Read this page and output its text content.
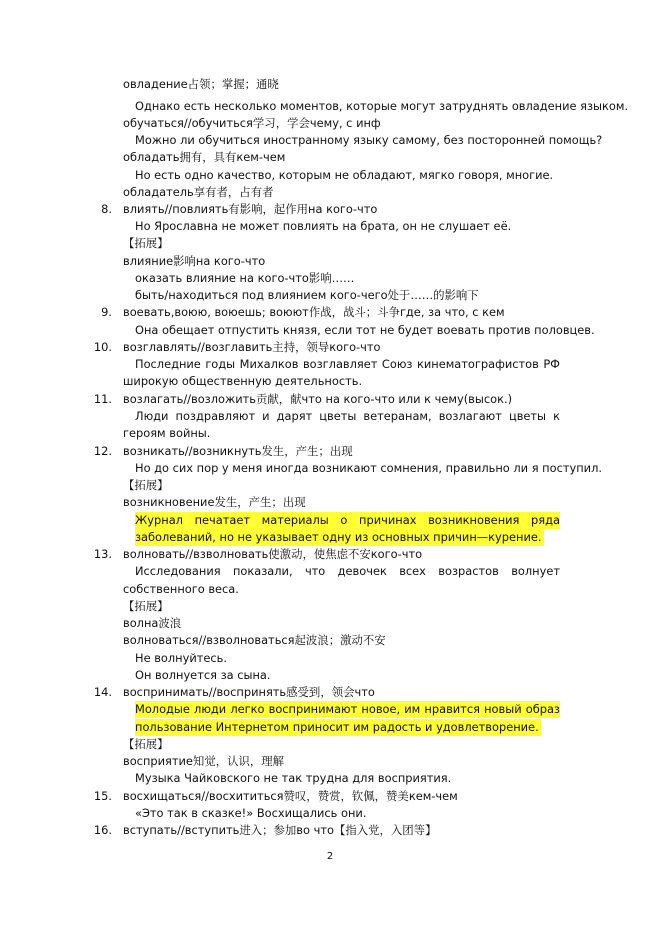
овладение占领；掌握；通晓
Однако есть несколько моментов, которые могут затруднять овладение языком.
обучаться//обучиться学习，学会чему, с инф
Можно ли обучиться иностранному языку самому, без посторонней помощь?
обладать拥有，具有кем-чем
Но есть одно качество, которым не обладают, мягко говоря, многие.
обладатель享有者，占有者
влиять//повлиять有影响，起作用на кого-что
8.
Но Ярославна не может повлиять на брата, он не слушает её.
【拓展】
влияние影响на кого-что
оказать влияние на кого-что影响……
быть/находиться под влиянием кого-чего处于……的影响下
воевать,воюю, воюешь; воюют作战，战斗；斗争где, за что, с кем
9.
Она обещает отпустить князя, если тот не будет воевать против половцев.
возглавлять//возглавить主持，领导кого-что
10.
Последние годы Михалков возглавляет Союз кинематографистов РФ
широкую общественную деятельность.
возлагать//возложить贡献，献что на кого-что или к чему(высок.)
11.
Люди поздравляют и дарят цветы ветеранам, возлагают цветы к
героям войны.
возникать//возникнуть发生，产生；出现
12.
Но до сих пор у меня иногда возникают сомнения, правильно ли я поступил.
【拓展】
возникновение发生，产生；出现
Журнал печатает материалы о причинах возникновения ряда
заболеваний, но не указывает одну из основных причин—курение.
волновать//взволновать使激动，使焦虑不安кого-что
13.
Исследования показали, что девочек всех возрастов волнует
собственного веса.
【拓展】
волна波浪
волноваться//взволноваться起波浪；激动不安
Не волнуйтесь.
Он волнуется за сына.
воспринимать//воспринять感受到，领会что
14.
Молодые люди легко воспринимают новое, им нравится новый образ
пользование Интернетом приносит им радость и удовлетворение.
【拓展】
восприятие知觉，认识，理解
Музыка Чайковского не так трудна для восприятия.
восхищаться//восхититься赞叹，赞赏，钦佩，赞美кем-чем
15.
«Это так в сказке!» Восхищались они.
вступать//вступить进入；参加во что【指入党，入团等】
16.
2
